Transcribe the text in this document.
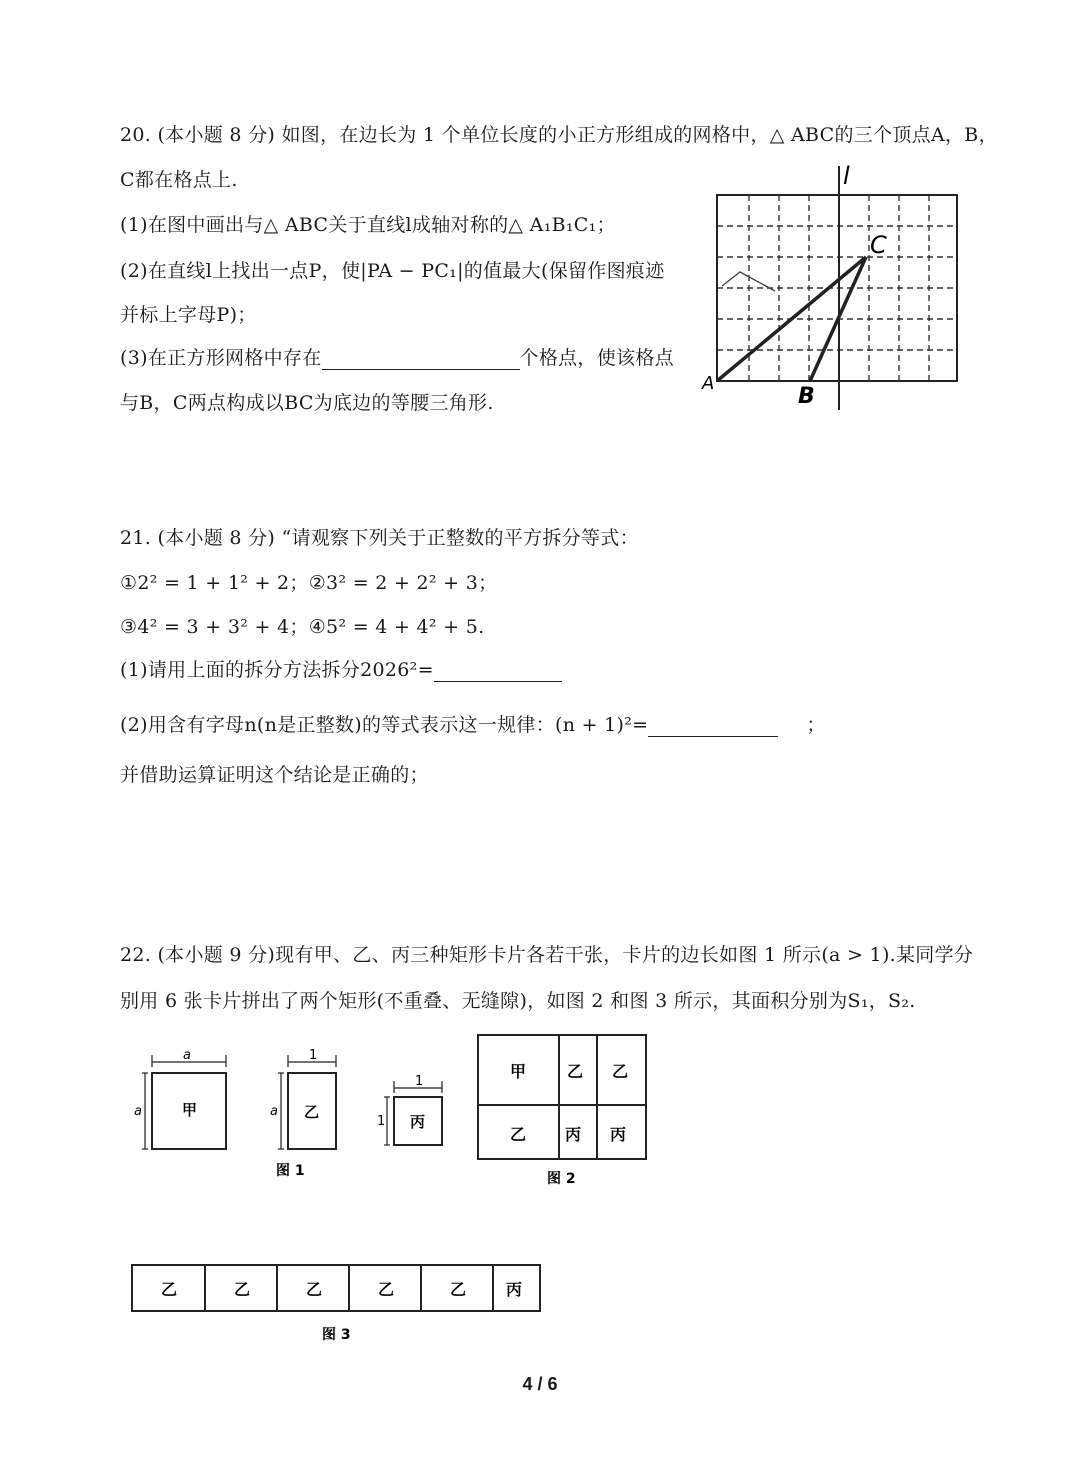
20. (本小题 8 分) 如图，在边长为 1 个单位长度的小正方形组成的网格中，△ ABC的三个顶点A，B，
C都在格点上.
(1)在图中画出与△ ABC关于直线l成轴对称的△ A₁B₁C₁；
(2)在直线l上找出一点P，使|PA − PC₁|的值最大(保留作图痕迹
并标上字母P)；
(3)在正方形网格中存在	个格点，使该格点
与B，C两点构成以BC为底边的等腰三角形.
l
C
A
B
21. (本小题 8 分) “请观察下列关于正整数的平方拆分等式：
①2² = 1 + 1² + 2；②3² = 2 + 2² + 3；
③4² = 3 + 3² + 4；④5² = 4 + 4² + 5.
(1)请用上面的拆分方法拆分2026²=
(2)用含有字母n(n是正整数)的等式表示这一规律：(n + 1)²=	；
并借助运算证明这个结论是正确的；
22. (本小题 9 分)现有甲、乙、丙三种矩形卡片各若干张，卡片的边长如图 1 所示(a > 1).某同学分
别用 6 张卡片拼出了两个矩形(不重叠、无缝隙)，如图 2 和图 3 所示，其面积分别为S₁，S₂.
a
a	甲
1
a 乙
1
1 丙
图 1
甲	乙 乙
乙 丙 丙
图 2
乙	乙	乙	乙	乙 丙
图 3
4 / 6
